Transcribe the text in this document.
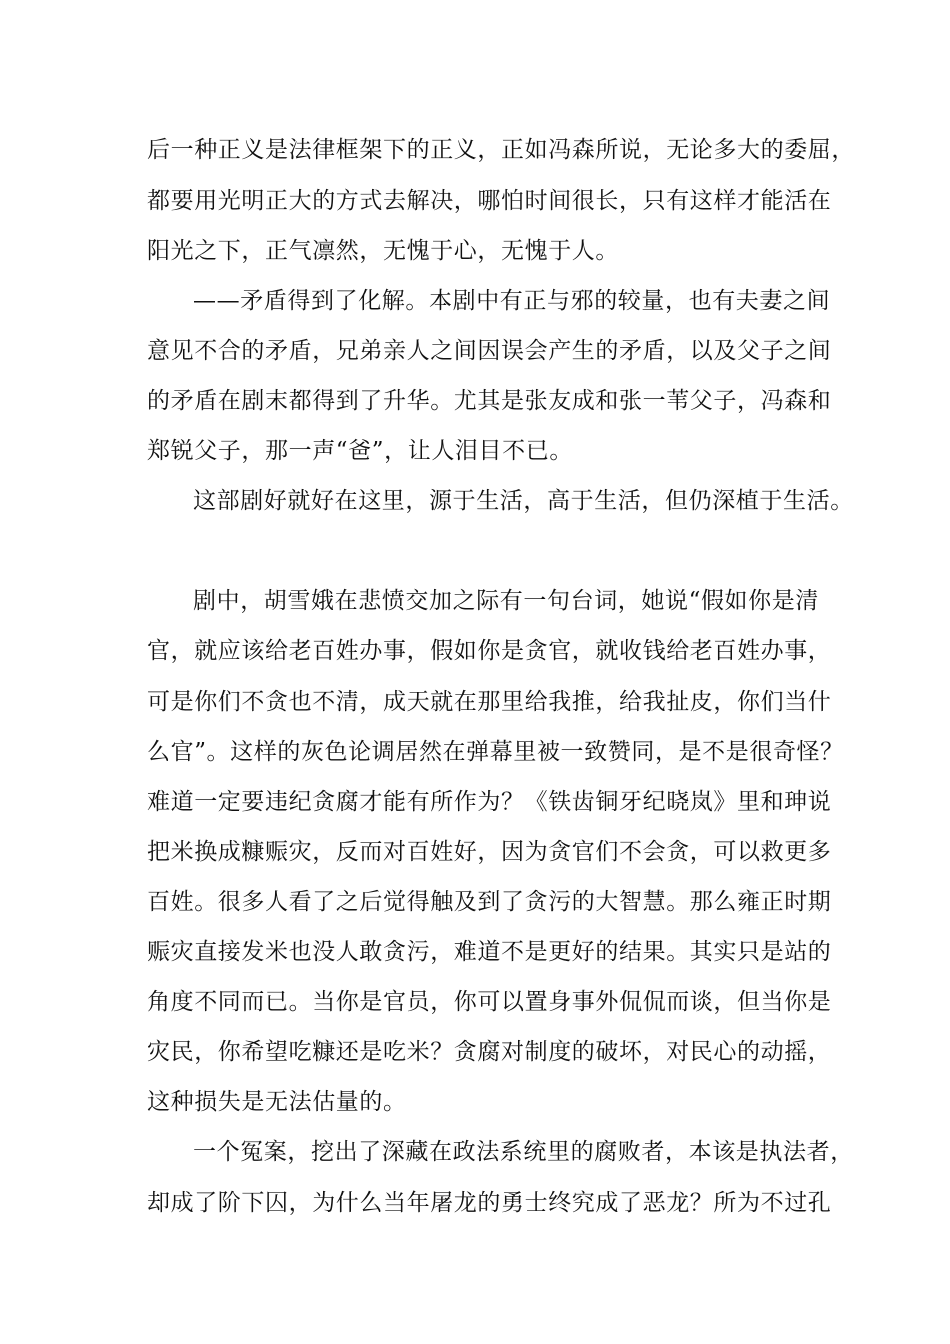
后一种正义是法律框架下的正义，正如冯森所说，无论多大的委屈，
都要用光明正大的方式去解决，哪怕时间很长，只有这样才能活在
阳光之下，正气凛然，无愧于心，无愧于人。
——矛盾得到了化解。本剧中有正与邪的较量，也有夫妻之间
意见不合的矛盾，兄弟亲人之间因误会产生的矛盾，以及父子之间
的矛盾在剧末都得到了升华。尤其是张友成和张一苇父子，冯森和
郑锐父子，那一声“爸”，让人泪目不已。
这部剧好就好在这里，源于生活，高于生活，但仍深植于生活。
剧中，胡雪娥在悲愤交加之际有一句台词，她说“假如你是清
官，就应该给老百姓办事，假如你是贪官，就收钱给老百姓办事，
可是你们不贪也不清，成天就在那里给我推，给我扯皮，你们当什
么官”。这样的灰色论调居然在弹幕里被一致赞同，是不是很奇怪？
难道一定要违纪贪腐才能有所作为？《铁齿铜牙纪晓岚》里和珅说
把米换成糠赈灾，反而对百姓好，因为贪官们不会贪，可以救更多
百姓。很多人看了之后觉得触及到了贪污的大智慧。那么雍正时期
赈灾直接发米也没人敢贪污，难道不是更好的结果。其实只是站的
角度不同而已。当你是官员，你可以置身事外侃侃而谈，但当你是
灾民，你希望吃糠还是吃米？贪腐对制度的破坏，对民心的动摇，
这种损失是无法估量的。
一个冤案，挖出了深藏在政法系统里的腐败者，本该是执法者，
却成了阶下囚，为什么当年屠龙的勇士终究成了恶龙？所为不过孔
